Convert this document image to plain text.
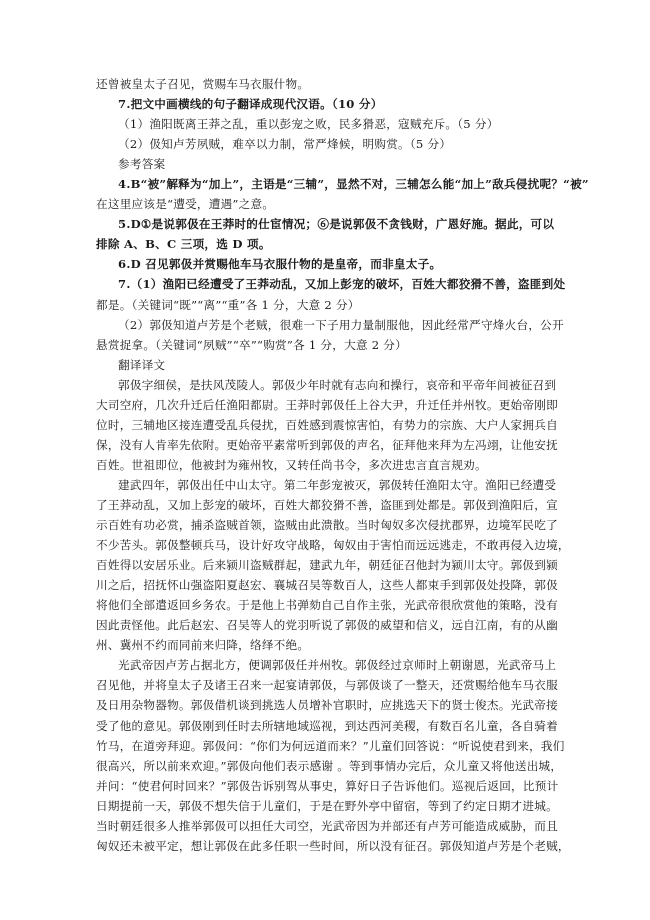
还曾被皇太子召见，赏赐车马衣服什物。
7.把文中画横线的句子翻译成现代汉语。（10 分）
（1）渔阳既离王莽之乱，重以彭宠之败，民多猾恶，寇贼充斥。（5 分）
（2）伋知卢芳夙贼，难卒以力制，常严烽候，明购赏。（5 分）
参考答案
4.B“被”解释为“加上”，主语是“三辅”，显然不对，三辅怎么能“加上”敌兵侵扰呢？“被”
在这里应该是“遭受，遭遇”之意。
5.D①是说郭伋在王莽时的仕宦情况；⑥是说郭伋不贪钱财，广恩好施。据此，可以
排除 A、B、C 三项，选 D 项。
6.D 召见郭伋并赏赐他车马衣服什物的是皇帝，而非皇太子。
7.（1）渔阳已经遭受了王莽动乱，又加上彭宠的破坏，百姓大都狡猾不善，盗匪到处
都是。（关键词“既”“离”“重”各 1 分，大意 2 分）
（2）郭伋知道卢芳是个老贼，很难一下子用力量制服他，因此经常严守烽火台，公开
悬赏捉拿。（关键词“夙贼”“卒”“购赏”各 1 分，大意 2 分）
翻译译文
郭伋字细侯，是扶风茂陵人。郭伋少年时就有志向和操行，哀帝和平帝年间被征召到
大司空府，几次升迁后任渔阳都尉。王莽时郭伋任上谷大尹，升迁任并州牧。更始帝刚即
位时，三辅地区接连遭受乱兵侵扰，百姓感到震惊害怕，有势力的宗族、大户人家拥兵自
保，没有人肯率先依附。更始帝平素常听到郭伋的声名，征拜他来拜为左冯翊，让他安抚
百姓。世祖即位，他被封为雍州牧，又转任尚书令，多次进忠言直言规劝。
建武四年，郭伋出任中山太守。第二年彭宠被灭，郭伋转任渔阳太守。渔阳已经遭受
了王莽动乱，又加上彭宠的破坏，百姓大都狡猾不善，盗匪到处都是。郭伋到渔阳后，宣
示百姓有功必赏，捕杀盗贼首领，盗贼由此溃散。当时匈奴多次侵扰郡界，边境军民吃了
不少苦头。郭伋整顿兵马，设计好攻守战略，匈奴由于害怕而远远逃走，不敢再侵入边境，
百姓得以安居乐业。后来颍川盗贼群起，建武九年，朝廷征召他封为颍川太守。郭伋到颍
川之后，招抚怀山强盗阳夏赵宏、襄城召吴等数百人，这些人都束手到郭伋处投降，郭伋
将他们全部遣返回乡务农。于是他上书弹劾自己自作主张，光武帝很欣赏他的策略，没有
因此责怪他。此后赵宏、召吴等人的党羽听说了郭伋的威望和信义，远自江南，有的从幽
州、冀州不约而同前来归降，络绎不绝。
光武帝因卢芳占据北方，便调郭伋任并州牧。郭伋经过京师时上朝谢恩，光武帝马上
召见他，并将皇太子及诸王召来一起宴请郭伋，与郭伋谈了一整天，还赏赐给他车马衣服
及日用杂物器物。郭伋借机谈到挑选人员增补官职时，应挑选天下的贤士俊杰。光武帝接
受了他的意见。郭伋刚到任时去所辖地域巡视，到达西河美稷，有数百名儿童，各自骑着
竹马，在道旁拜迎。郭伋问：“你们为何远道而来？”儿童们回答说：“听说使君到来，我们
很高兴，所以前来欢迎。”郭伋向他们表示感谢 。等到事情办完后，众儿童又将他送出城，
并问：“使君何时回来？”郭伋告诉别驾从事史，算好日子告诉他们。巡视后返回，比预计
日期提前一天，郭伋不想失信于儿童们，于是在野外亭中留宿，等到了约定日期才进城。
当时朝廷很多人推举郭伋可以担任大司空，光武帝因为并部还有卢芳可能造成威胁，而且
匈奴还未被平定，想让郭伋在此多任职一些时间，所以没有征召。郭伋知道卢芳是个老贼，
